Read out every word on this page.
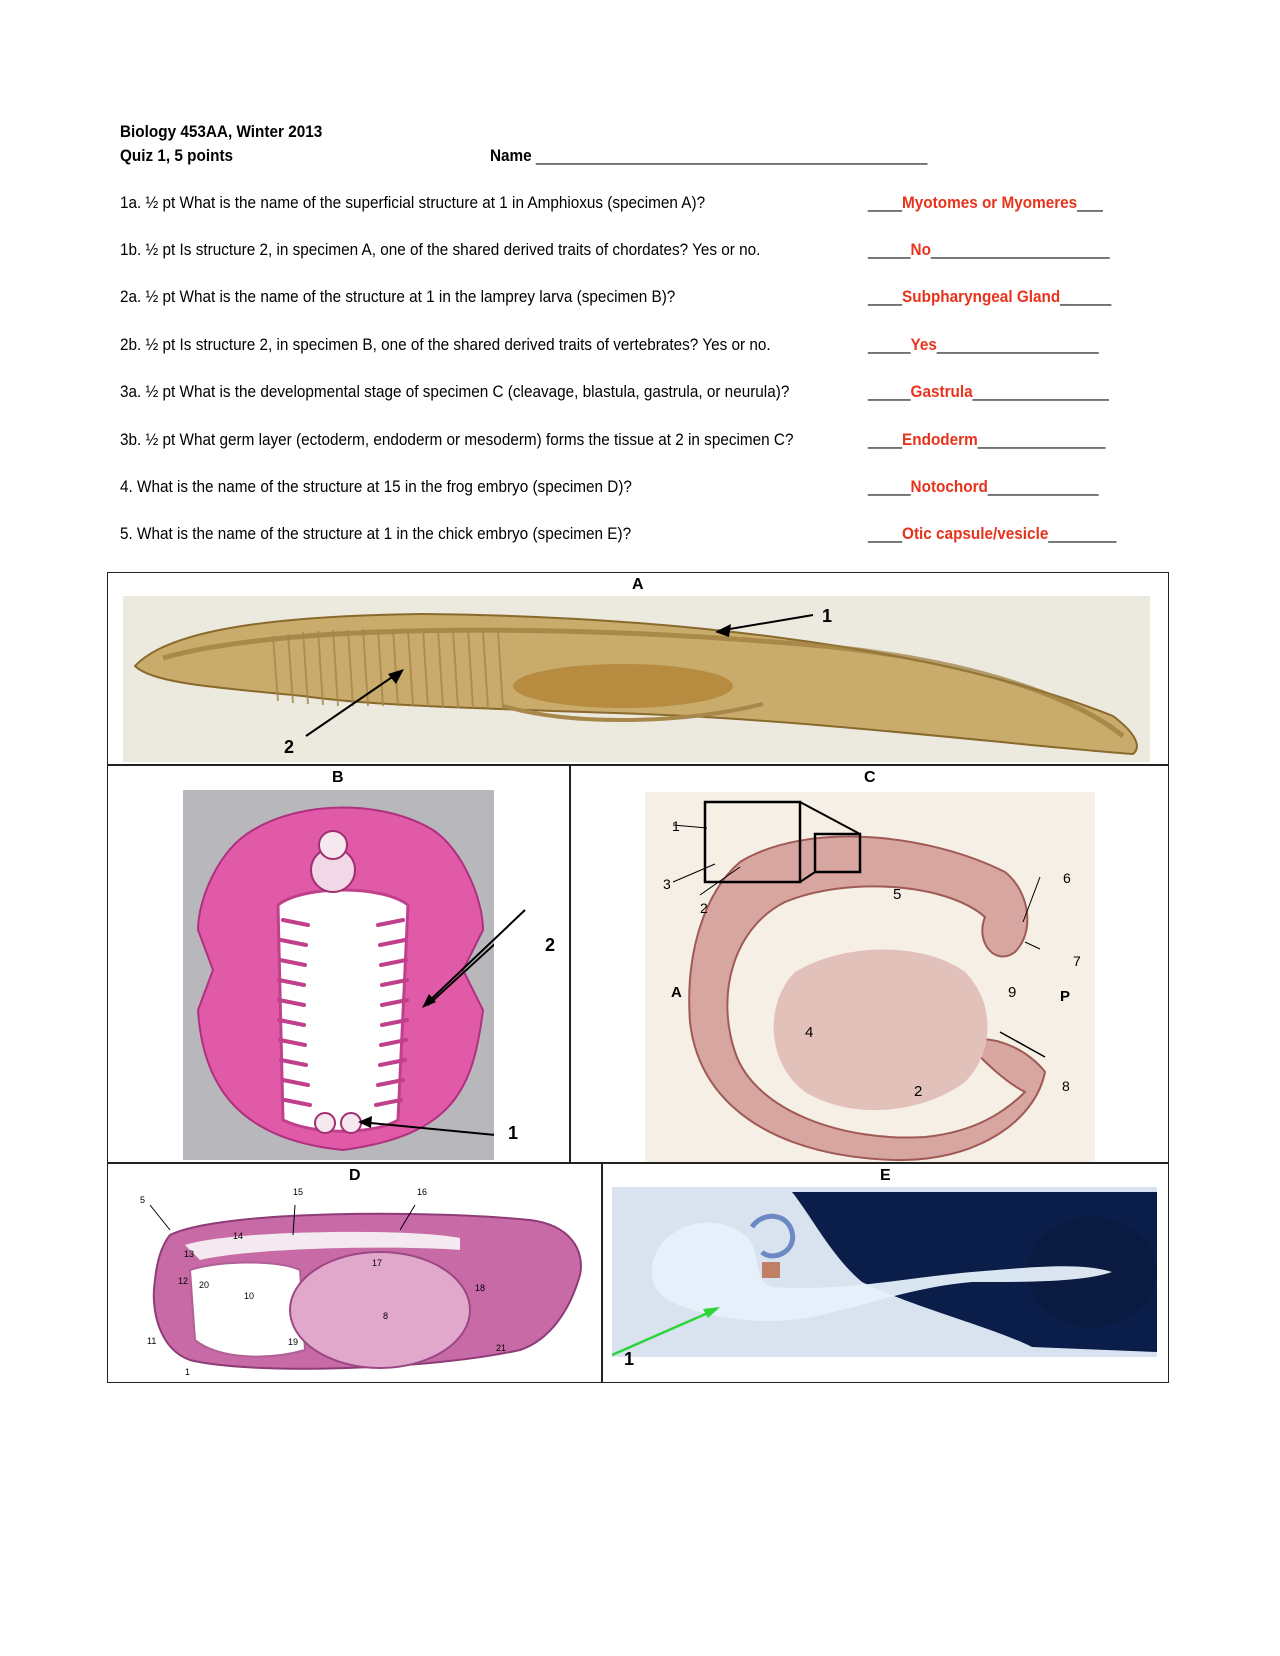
Biology 453AA, Winter 2013
Quiz 1, 5 points	Name ______________________________________________
1a. ½ pt What is the name of the superficial structure at 1 in Amphioxus (specimen A)?	____Myotomes or Myomeres___
1b. ½ pt Is structure 2, in specimen A, one of the shared derived traits of chordates? Yes or no.	_____No_____________________
2a. ½ pt What is the name of the structure at 1 in the lamprey larva (specimen B)?	____Subpharyngeal Gland______
2b. ½ pt Is structure 2, in specimen B, one of the shared derived traits of vertebrates? Yes or no.	_____Yes___________________
3a. ½ pt What is the developmental stage of specimen C (cleavage, blastula, gastrula, or neurula)?	_____Gastrula________________
3b. ½ pt What germ layer (ectoderm, endoderm or mesoderm) forms the tissue at 2 in specimen C?	____Endoderm_______________
4. What is the name of the structure at 15 in the frog embryo (specimen D)?	_____Notochord_____________
5. What is the name of the structure at 1 in the chick embryo (specimen E)?	____Otic capsule/vesicle________
A
1
2
B
2
1
C
1
3
2
5
6
7
A	9	P
4
2	8
D
5
15	16
14
13
17
12 20
10
8
18
11	19
21
1
E
1
